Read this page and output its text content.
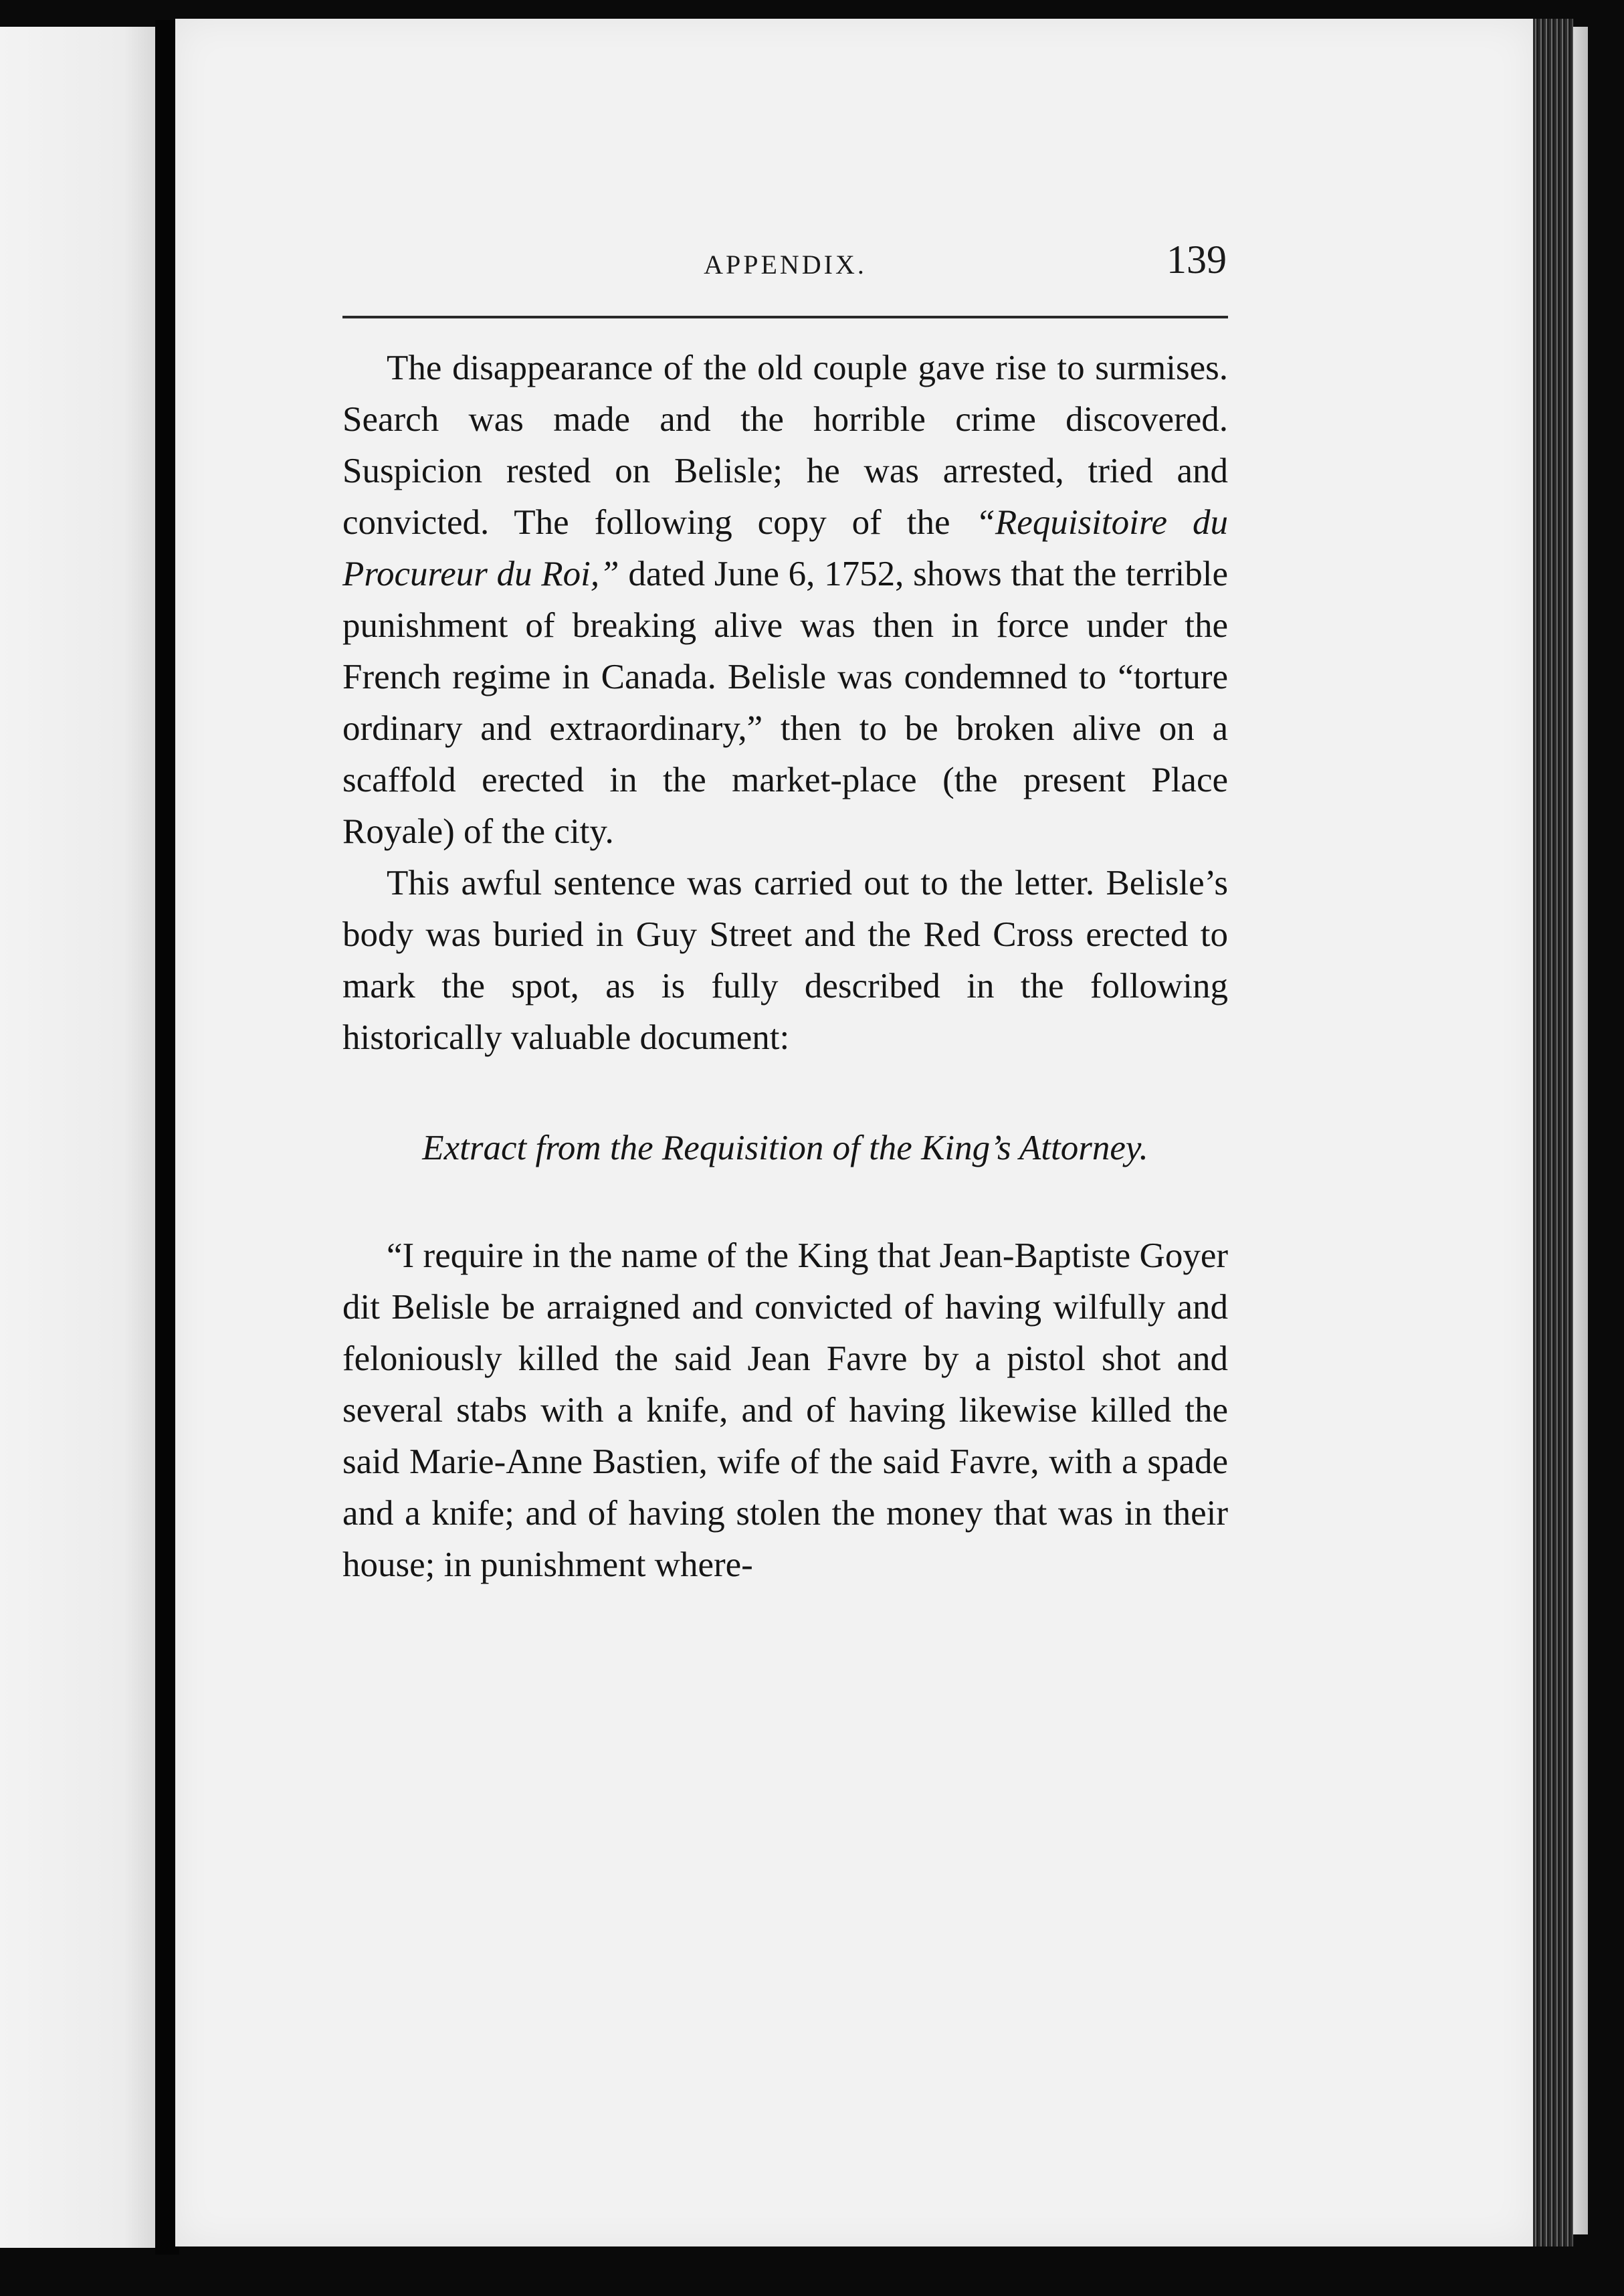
APPENDIX.	139

The disappearance of the old couple gave rise to surmises. Search was made and the horrible crime discovered. Suspicion rested on Belisle; he was arrested, tried and convicted. The following copy of the “Requisitoire du Procureur du Roi,” dated June 6, 1752, shows that the terrible punishment of breaking alive was then in force under the French regime in Canada. Belisle was condemned to “torture ordinary and extraordinary,” then to be broken alive on a scaffold erected in the market-place (the present Place Royale) of the city.

This awful sentence was carried out to the letter. Belisle’s body was buried in Guy Street and the Red Cross erected to mark the spot, as is fully described in the following historically valuable document:

Extract from the Requisition of the King’s Attorney.

“I require in the name of the King that Jean-Baptiste Goyer dit Belisle be arraigned and convicted of having wilfully and feloniously killed the said Jean Favre by a pistol shot and several stabs with a knife, and of having likewise killed the said Marie-Anne Bastien, wife of the said Favre, with a spade and a knife; and of having stolen the money that was in their house; in punishment where-
